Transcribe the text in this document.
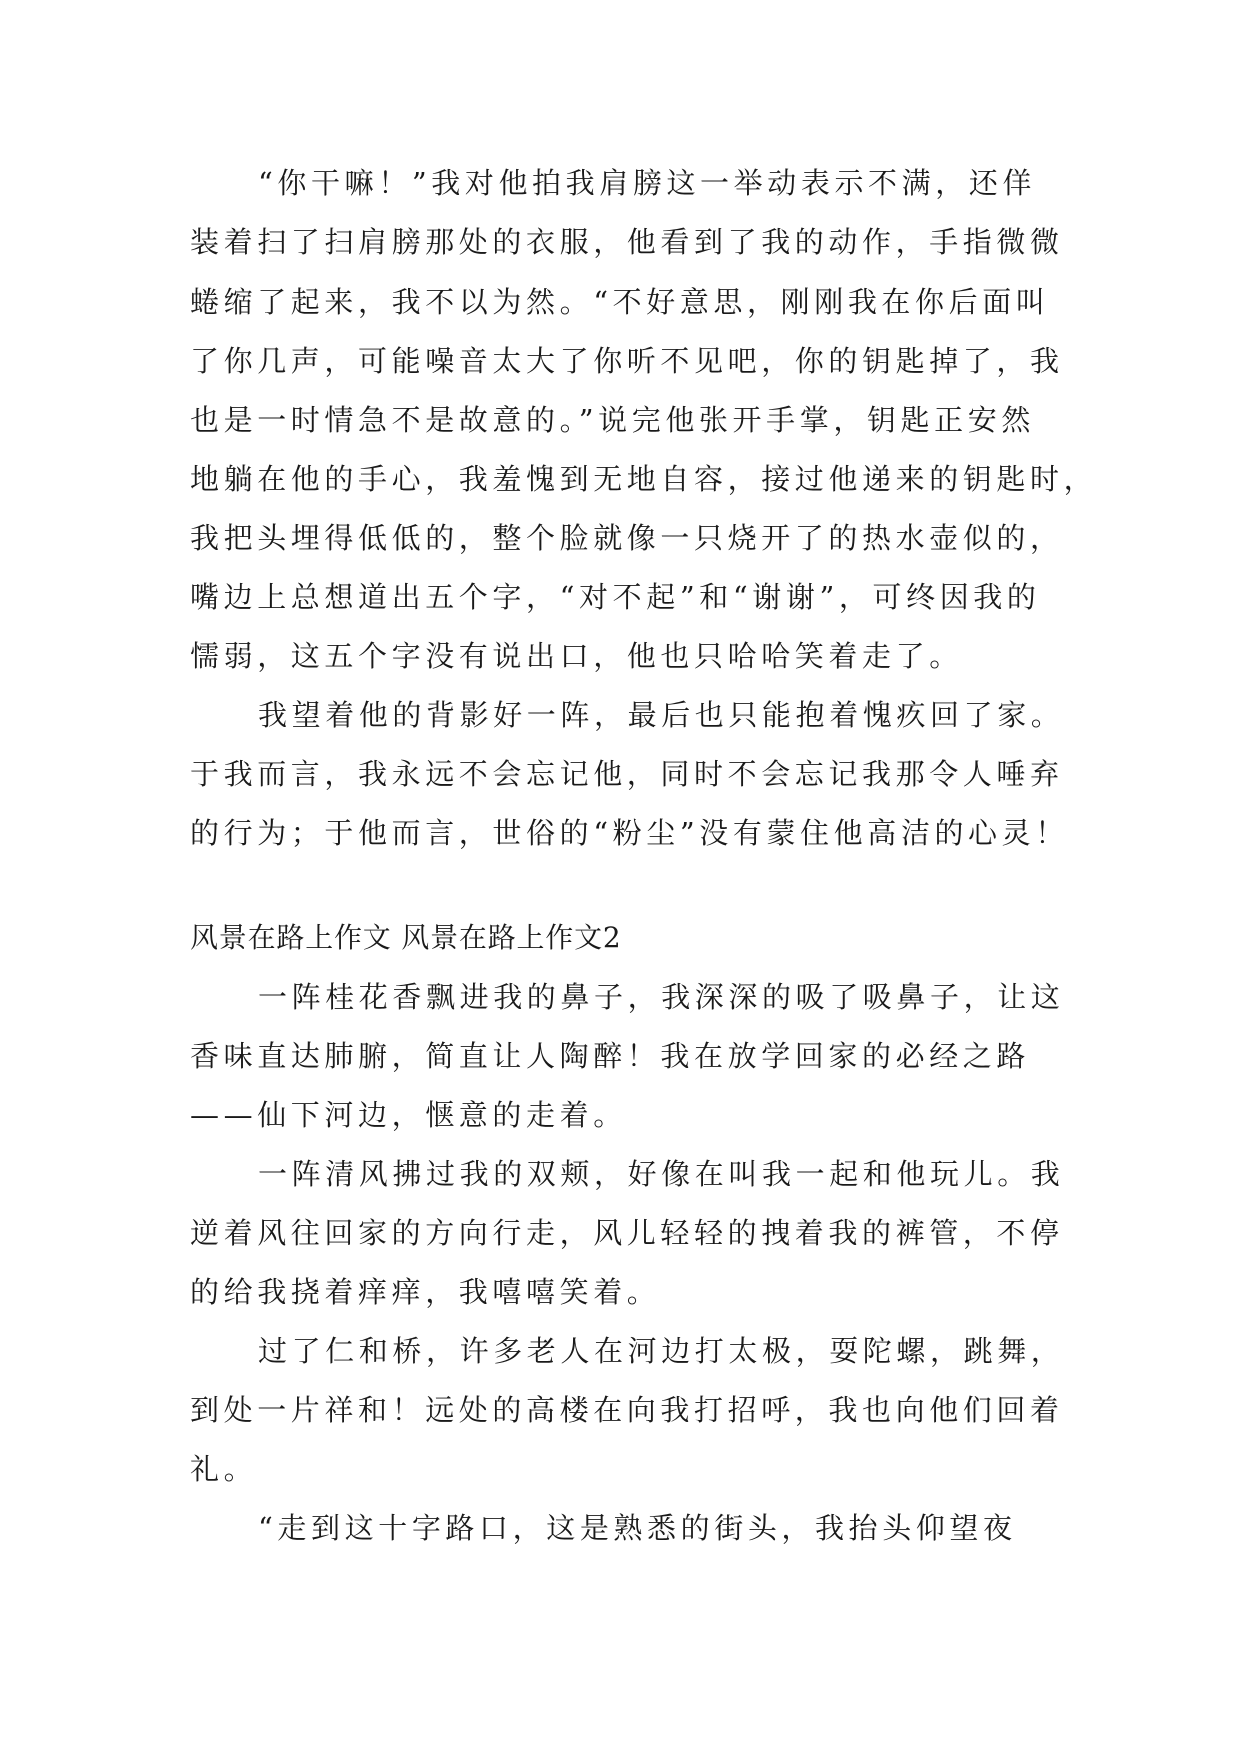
“你干嘛！”我对他拍我肩膀这一举动表示不满，还佯
装着扫了扫肩膀那处的衣服，他看到了我的动作，手指微微
蜷缩了起来，我不以为然。“不好意思，刚刚我在你后面叫
了你几声，可能噪音太大了你听不见吧，你的钥匙掉了，我
也是一时情急不是故意的。”说完他张开手掌，钥匙正安然
地躺在他的手心，我羞愧到无地自容，接过他递来的钥匙时，
我把头埋得低低的，整个脸就像一只烧开了的热水壶似的，
嘴边上总想道出五个字，“对不起”和“谢谢”，可终因我的
懦弱，这五个字没有说出口，他也只哈哈笑着走了。
我望着他的背影好一阵，最后也只能抱着愧疚回了家。
于我而言，我永远不会忘记他，同时不会忘记我那令人唾弃
的行为；于他而言，世俗的“粉尘”没有蒙住他高洁的心灵！
风景在路上作文 风景在路上作文2
一阵桂花香飘进我的鼻子，我深深的吸了吸鼻子，让这
香味直达肺腑，简直让人陶醉！我在放学回家的必经之路
——仙下河边，惬意的走着。
一阵清风拂过我的双颊，好像在叫我一起和他玩儿。我
逆着风往回家的方向行走，风儿轻轻的拽着我的裤管，不停
的给我挠着痒痒，我嘻嘻笑着。
过了仁和桥，许多老人在河边打太极，耍陀螺，跳舞，
到处一片祥和！远处的高楼在向我打招呼，我也向他们回着
礼。
“走到这十字路口，这是熟悉的街头，我抬头仰望夜
